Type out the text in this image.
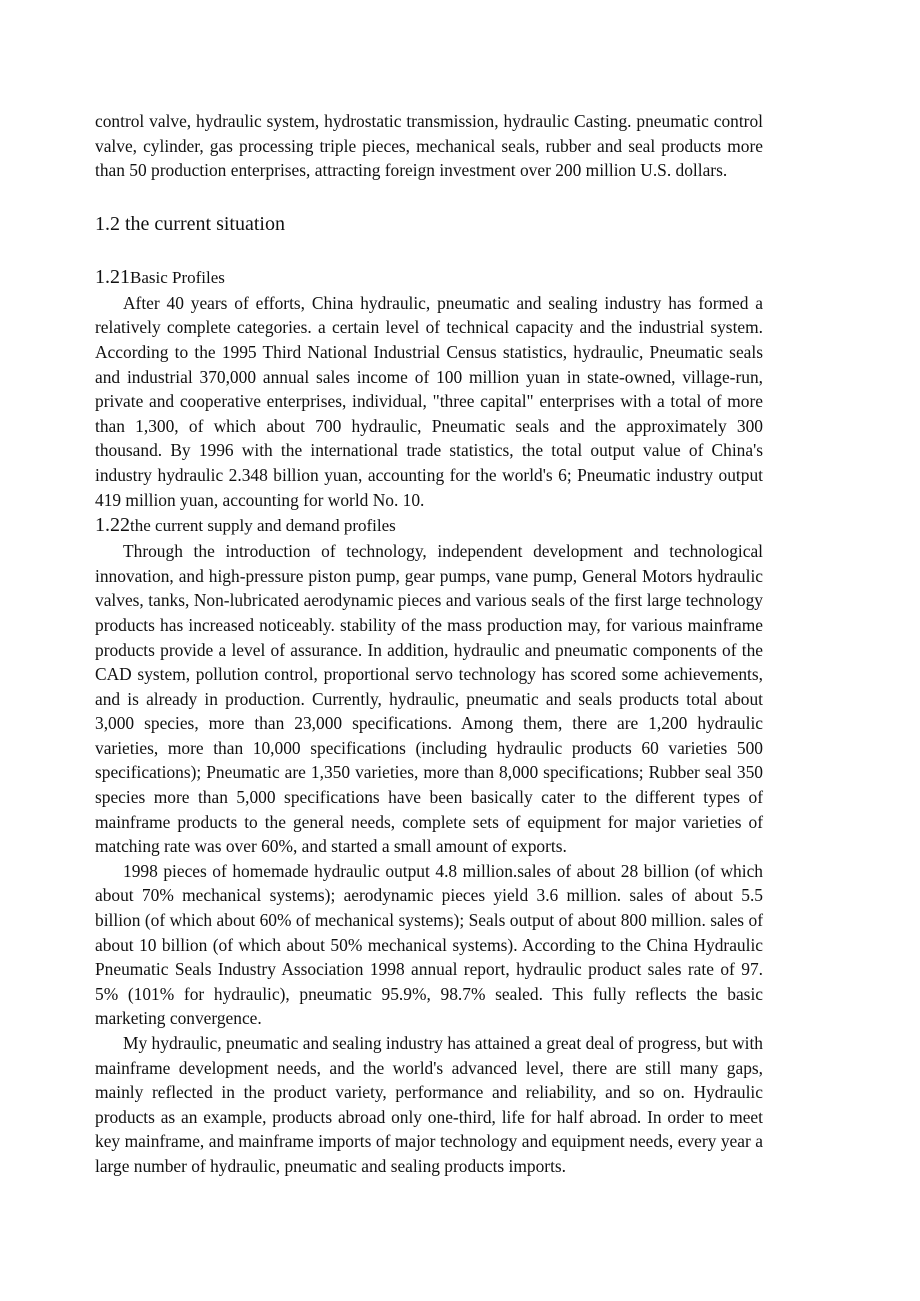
control valve, hydraulic system, hydrostatic transmission, hydraulic Casting. pneumatic control valve, cylinder, gas processing triple pieces, mechanical seals, rubber and seal products more than 50 production enterprises, attracting foreign investment over 200 million U.S. dollars.

1.2 the current situation
1.21Basic Profiles

After 40 years of efforts, China hydraulic, pneumatic and sealing industry has formed a relatively complete categories. a certain level of technical capacity and the industrial system. According to the 1995 Third National Industrial Census statistics, hydraulic, Pneumatic seals and industrial 370,000 annual sales income of 100 million yuan in state-owned, village-run, private and cooperative enterprises, individual, "three capital" enterprises with a total of more than 1,300, of which about 700 hydraulic, Pneumatic seals and the approximately 300 thousand. By 1996 with the international trade statistics, the total output value of China's industry hydraulic 2.348 billion yuan, accounting for the world's 6; Pneumatic industry output 419 million yuan, accounting for world No. 10.

1.22the current supply and demand profiles

Through the introduction of technology, independent development and technological innovation, and high-pressure piston pump, gear pumps, vane pump, General Motors hydraulic valves, tanks, Non-lubricated aerodynamic pieces and various seals of the first large technology products has increased noticeably. stability of the mass production may, for various mainframe products provide a level of assurance. In addition, hydraulic and pneumatic components of the CAD system, pollution control, proportional servo technology has scored some achievements, and is already in production. Currently, hydraulic, pneumatic and seals products total about 3,000 species, more than 23,000 specifications. Among them, there are 1,200 hydraulic varieties, more than 10,000 specifications (including hydraulic products 60 varieties 500 specifications); Pneumatic are 1,350 varieties, more than 8,000 specifications; Rubber seal 350 species more than 5,000 specifications have been basically cater to the different types of mainframe products to the general needs, complete sets of equipment for major varieties of matching rate was over 60%, and started a small amount of exports.

1998 pieces of homemade hydraulic output 4.8 million.sales of about 28 billion (of which about 70% mechanical systems); aerodynamic pieces yield 3.6 million. sales of about 5.5 billion (of which about 60% of mechanical systems); Seals output of about 800 million. sales of about 10 billion (of which about 50% mechanical systems). According to the China Hydraulic Pneumatic Seals Industry Association 1998 annual report, hydraulic product sales rate of 97. 5% (101% for hydraulic), pneumatic 95.9%, 98.7% sealed. This fully reflects the basic marketing convergence.

My hydraulic, pneumatic and sealing industry has attained a great deal of progress, but with mainframe development needs, and the world's advanced level, there are still many gaps, mainly reflected in the product variety, performance and reliability, and so on. Hydraulic products as an example, products abroad only one-third, life for half abroad. In order to meet key mainframe, and mainframe imports of major technology and equipment needs, every year a large number of hydraulic, pneumatic and sealing products imports.
